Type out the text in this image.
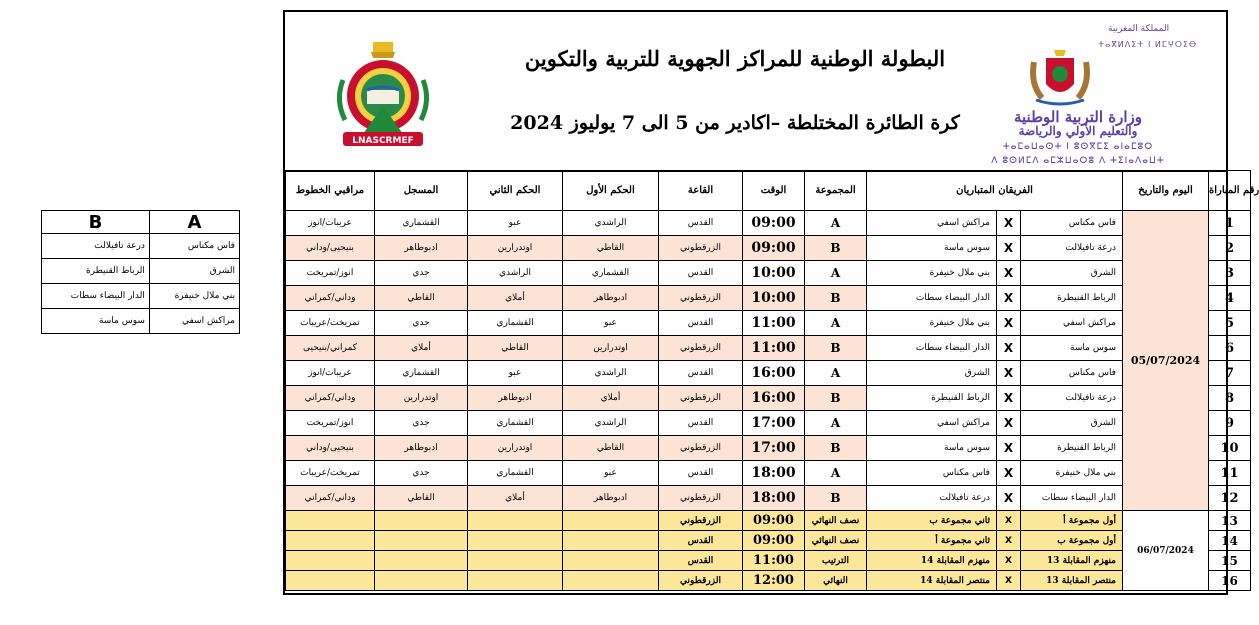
B	A
درعة تافيلالت	فاس مكناس
الرباط القنيطرة	الشرق
الدار البيضاء سطات	بني ملال خنيفرة
سوس ماسة	مراكش اسفي
LNASCRMEF
البطولة الوطنية للمراكز الجهوية للتربية والتكوين
كرة الطائرة المختلطة –اكادير من 5 الى 7 يوليوز 2024
المملكة المغربية
ⵜⴰⴳⵍⴷⵉⵜ ⵏ ⵍⵎⵖⵔⵉⴱ
وزارة التربية الوطنية
والتعليم الأولي والرياضة
ⵜⴰⵎⴰⵡⴰⵙⵜ ⵏ ⵓⵙⴳⵎⵉ ⴰⵏⴰⵎⵓⵔ
ⴷ ⵓⵙⵍⵎⴷ ⴰⵎⵣⵡⴰⵔⵓ ⴷ ⵜⵉⵏⴰⴷⴰⵡⵜ
مراقبي الخطوط	المسجل	الحكم الثاني	الحكم الأول	القاعة	الوقت	المجموعة	الفريقان المتباريان			اليوم والتاريخ	رقم المباراة
عريبات/انوز	القشماري	عبو	الراشدي	القدس	09:00	A	مراكش اسفي	X	فاس مكناس	05/07/2024	1
بنيحيى/وداني	ادبوطاهر	اوتدرارين	القاطي	الزرقطوني	09:00	B	سوس ماسة	X	درعة تافيلالت		2
انوز/تمريخت	جدي	الراشدي	القشماري	القدس	10:00	A	بني ملال خنيفرة	X	الشرق		3
وداني/كمراني	القاطي	أملاي	ادبوطاهر	الزرقطوني	10:00	B	الدار البيضاء سطات	X	الرباط القنيطرة		4
تمريخت/عريبات	جدي	القشماري	عبو	القدس	11:00	A	بني ملال خنيفرة	X	مراكش اسفي		5
كمراني/بنيحيى	أملاي	القاطي	اوتدرارين	الزرقطوني	11:00	B	الدار البيضاء سطات	X	سوس ماسة		6
عريبات/انوز	القشماري	عبو	الراشدي	القدس	16:00	A	الشرق	X	فاس مكناس		7
وداني/كمراني	اوتدرارين	ادبوطاهر	أملاي	الزرقطوني	16:00	B	الرباط القنيطرة	X	درعة تافيلالت		8
انوز/تمريخت	جدي	القشماري	الراشدي	القدس	17:00	A	مراكش اسفي	X	الشرق		9
بنيحيى/وداني	ادبوطاهر	اوتدرارين	القاطي	الزرقطوني	17:00	B	سوس ماسة	X	الرباط القنيطرة		10
تمريخت/عريبات	جدي	القشماري	عبو	القدس	18:00	A	فاس مكناس	X	بني ملال خنيفرة		11
وداني/كمراني	القاطي	أملاي	ادبوطاهر	الزرقطوني	18:00	B	درعة تافيلالت	X	الدار البيضاء سطات		12
				الزرقطوني	09:00	نصف النهائي	ثاني مجموعة ب	X	أول مجموعة أ	06/07/2024	13
				القدس	09:00	نصف النهائي	ثاني مجموعة أ	X	أول مجموعة ب		14
				القدس	11:00	الترتيب	منهزم المقابلة 14	X	منهزم المقابلة 13		15
				الزرقطوني	12:00	النهائي	منتصر المقابلة 14	X	منتصر المقابلة 13		16
